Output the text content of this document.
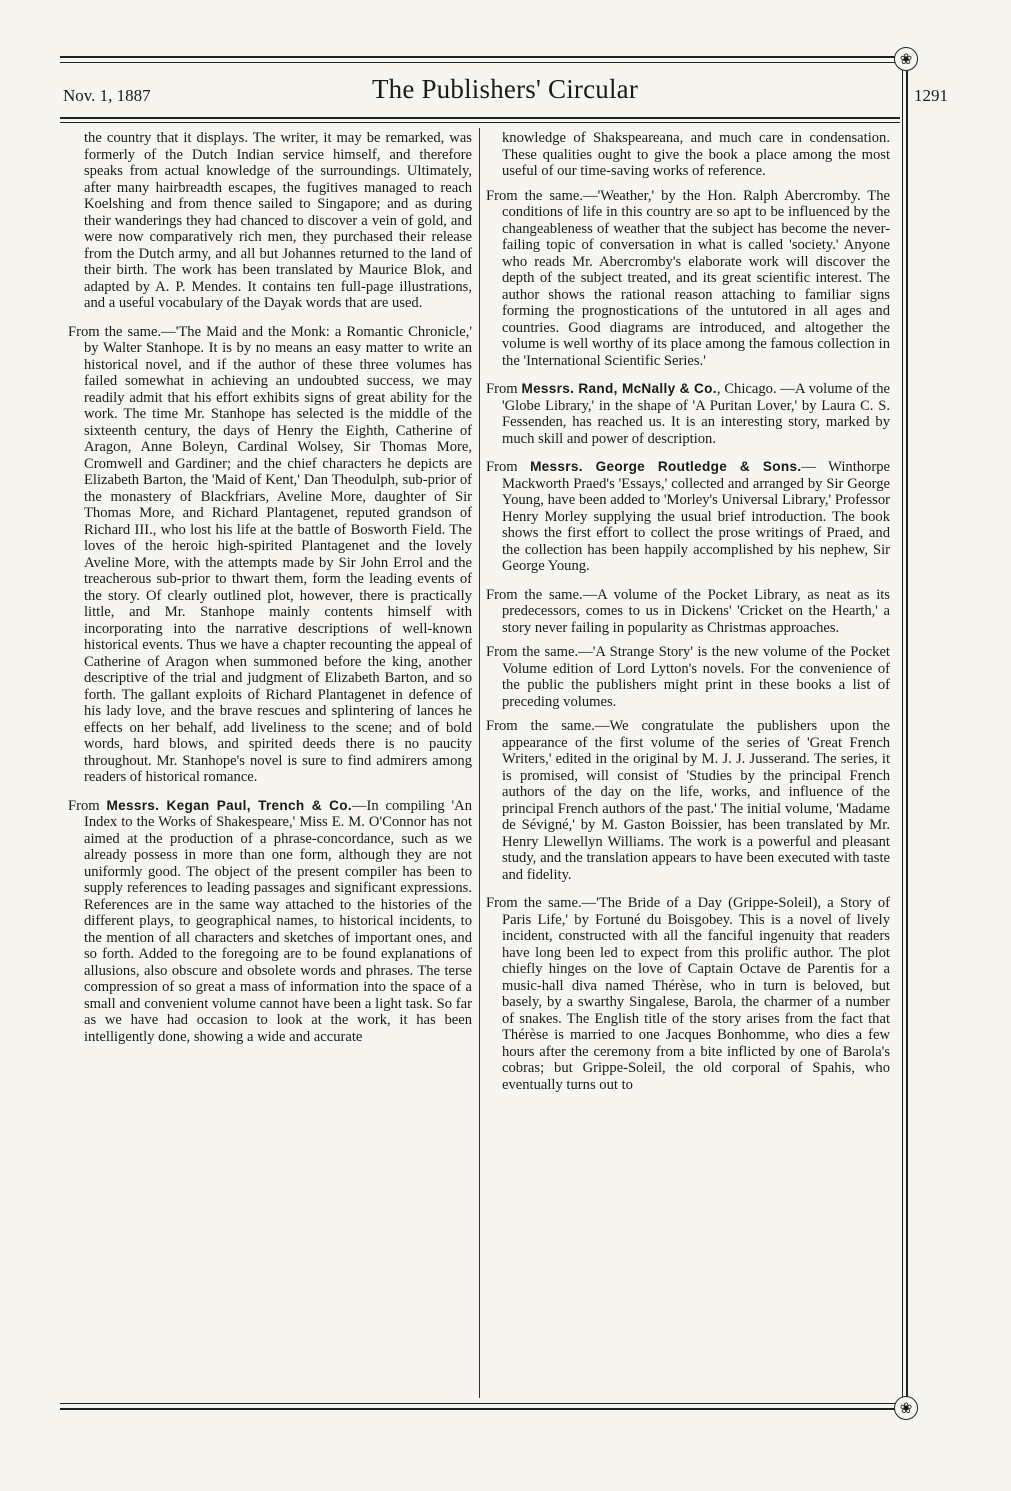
❀
❀
Nov. 1, 1887	The Publishers' Circular	1291

the country that it displays. The writer, it may be remarked, was formerly of the Dutch Indian service himself, and therefore speaks from actual knowledge of the surroundings. Ultimately, after many hairbreadth escapes, the fugitives managed to reach Koelshing and from thence sailed to Singapore; and as during their wanderings they had chanced to discover a vein of gold, and were now comparatively rich men, they purchased their release from the Dutch army, and all but Johannes returned to the land of their birth. The work has been translated by Maurice Blok, and adapted by A. P. Mendes. It contains ten full-page illustrations, and a useful vocabulary of the Dayak words that are used.

From the same.—'The Maid and the Monk: a Romantic Chronicle,' by Walter Stanhope. It is by no means an easy matter to write an historical novel, and if the author of these three volumes has failed somewhat in achieving an undoubted success, we may readily admit that his effort exhibits signs of great ability for the work. The time Mr. Stanhope has selected is the middle of the sixteenth century, the days of Henry the Eighth, Catherine of Aragon, Anne Boleyn, Cardinal Wolsey, Sir Thomas More, Cromwell and Gardiner; and the chief characters he depicts are Elizabeth Barton, the 'Maid of Kent,' Dan Theodulph, sub-prior of the monastery of Blackfriars, Aveline More, daughter of Sir Thomas More, and Richard Plantagenet, reputed grandson of Richard III., who lost his life at the battle of Bosworth Field. The loves of the heroic high-spirited Plantagenet and the lovely Aveline More, with the attempts made by Sir John Errol and the treacherous sub-prior to thwart them, form the leading events of the story. Of clearly outlined plot, however, there is practically little, and Mr. Stanhope mainly contents himself with incorporating into the narrative descriptions of well-known historical events. Thus we have a chapter recounting the appeal of Catherine of Aragon when summoned before the king, another descriptive of the trial and judgment of Elizabeth Barton, and so forth. The gallant exploits of Richard Plantagenet in defence of his lady love, and the brave rescues and splintering of lances he effects on her behalf, add liveliness to the scene; and of bold words, hard blows, and spirited deeds there is no paucity throughout. Mr. Stanhope's novel is sure to find admirers among readers of historical romance.

From Messrs. Kegan Paul, Trench & Co.—In compiling 'An Index to the Works of Shakespeare,' Miss E. M. O'Connor has not aimed at the production of a phrase-concordance, such as we already possess in more than one form, although they are not uniformly good. The object of the present compiler has been to supply references to leading passages and significant expressions. References are in the same way attached to the histories of the different plays, to geographical names, to historical incidents, to the mention of all characters and sketches of important ones, and so forth. Added to the foregoing are to be found explanations of allusions, also obscure and obsolete words and phrases. The terse compression of so great a mass of information into the space of a small and convenient volume cannot have been a light task. So far as we have had occasion to look at the work, it has been intelligently done, showing a wide and accurate

knowledge of Shakspeareana, and much care in condensation. These qualities ought to give the book a place among the most useful of our time-saving works of reference.

From the same.—'Weather,' by the Hon. Ralph Abercromby. The conditions of life in this country are so apt to be influenced by the changeableness of weather that the subject has become the never-failing topic of conversation in what is called 'society.' Anyone who reads Mr. Abercromby's elaborate work will discover the depth of the subject treated, and its great scientific interest. The author shows the rational reason attaching to familiar signs forming the prognostications of the untutored in all ages and countries. Good diagrams are introduced, and altogether the volume is well worthy of its place among the famous collection in the 'International Scientific Series.'

From Messrs. Rand, McNally & Co., Chicago. —A volume of the 'Globe Library,' in the shape of 'A Puritan Lover,' by Laura C. S. Fessenden, has reached us. It is an interesting story, marked by much skill and power of description.

From Messrs. George Routledge & Sons.— Winthorpe Mackworth Praed's 'Essays,' collected and arranged by Sir George Young, have been added to 'Morley's Universal Library,' Professor Henry Morley supplying the usual brief introduction. The book shows the first effort to collect the prose writings of Praed, and the collection has been happily accomplished by his nephew, Sir George Young.

From the same.—A volume of the Pocket Library, as neat as its predecessors, comes to us in Dickens' 'Cricket on the Hearth,' a story never failing in popularity as Christmas approaches.

From the same.—'A Strange Story' is the new volume of the Pocket Volume edition of Lord Lytton's novels. For the convenience of the public the publishers might print in these books a list of preceding volumes.

From the same.—We congratulate the publishers upon the appearance of the first volume of the series of 'Great French Writers,' edited in the original by M. J. J. Jusserand. The series, it is promised, will consist of 'Studies by the principal French authors of the day on the life, works, and influence of the principal French authors of the past.' The initial volume, 'Madame de Sévigné,' by M. Gaston Boissier, has been translated by Mr. Henry Llewellyn Williams. The work is a powerful and pleasant study, and the translation appears to have been executed with taste and fidelity.

From the same.—'The Bride of a Day (Grippe-Soleil), a Story of Paris Life,' by Fortuné du Boisgobey. This is a novel of lively incident, constructed with all the fanciful ingenuity that readers have long been led to expect from this prolific author. The plot chiefly hinges on the love of Captain Octave de Parentis for a music-hall diva named Thérèse, who in turn is beloved, but basely, by a swarthy Singalese, Barola, the charmer of a number of snakes. The English title of the story arises from the fact that Thérèse is married to one Jacques Bonhomme, who dies a few hours after the ceremony from a bite inflicted by one of Barola's cobras; but Grippe-Soleil, the old corporal of Spahis, who eventually turns out to
